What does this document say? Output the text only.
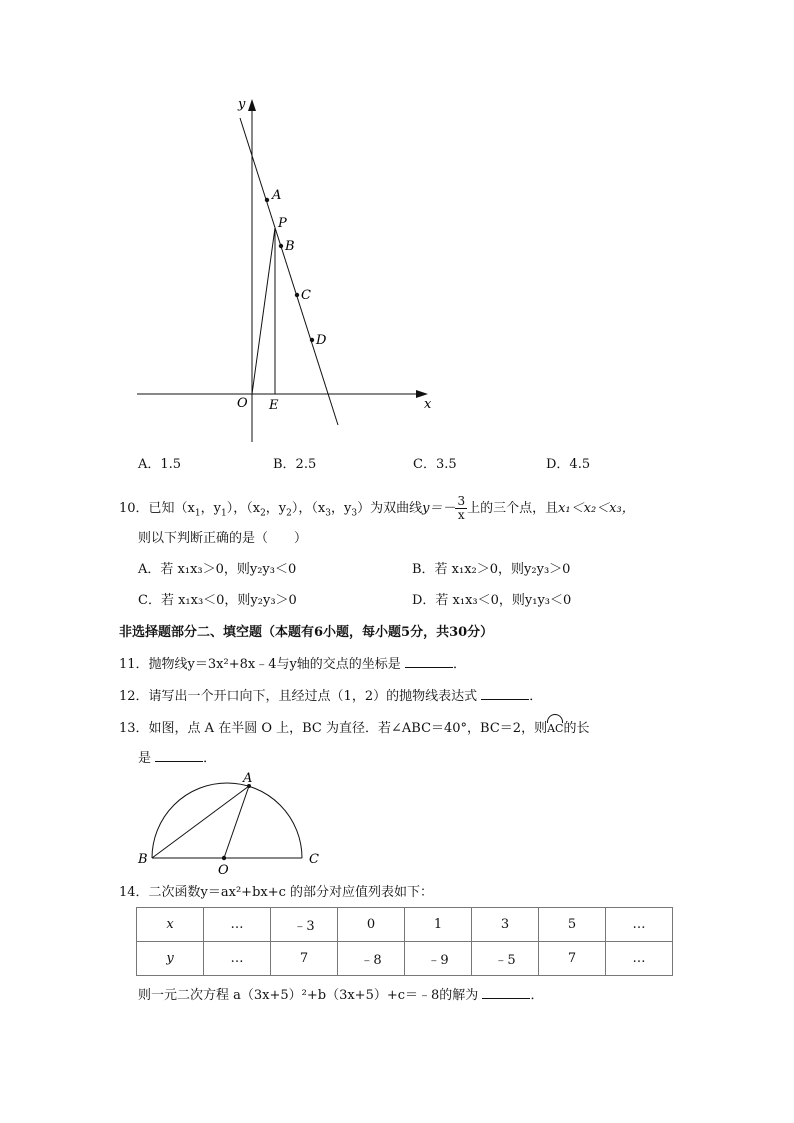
y
x
O E
A
P
B
C
D
A．1.5	B．2.5	C．3.5	D．4.5
10．已知（$x_1$，$y_1$），（$x_2$，$y_2$），（$x_3$，$y_3$）为双曲线$y=- \frac{3}{x}$ 上的三个点，且x₁＜x₂＜x₃，
则以下判断正确的是（　　）
A．若 x₁x₃＞0，则y₂y₃＜0	B．若 x₁x₂＞0，则y₂y₃＞0
C．若 x₁x₃＜0，则y₂y₃＞0	D．若 x₁x₃＜0，则y₁y₃＜0
非选择题部分二、填空题（本题有6小题，每小题5分，共30分）
11．抛物线y＝3x²+8x﹣4与y轴的交点的坐标是	．
12．请写出一个开口向下，且经过点（1，2）的抛物线表达式	．
13．如图，点 A 在半圆 O 上，BC 为直径．若∠ABC＝40°，BC＝2，则
AC的长
是	．
A
B
O
C
14．二次函数y＝ax²+bx+c 的部分对应值列表如下：
x	…	﹣3	0	1	3	5	…
y	…	7	﹣8	﹣9	﹣5	7	…
则一元二次方程 a（3x+5）²+b（3x+5）+c＝﹣8的解为	．
